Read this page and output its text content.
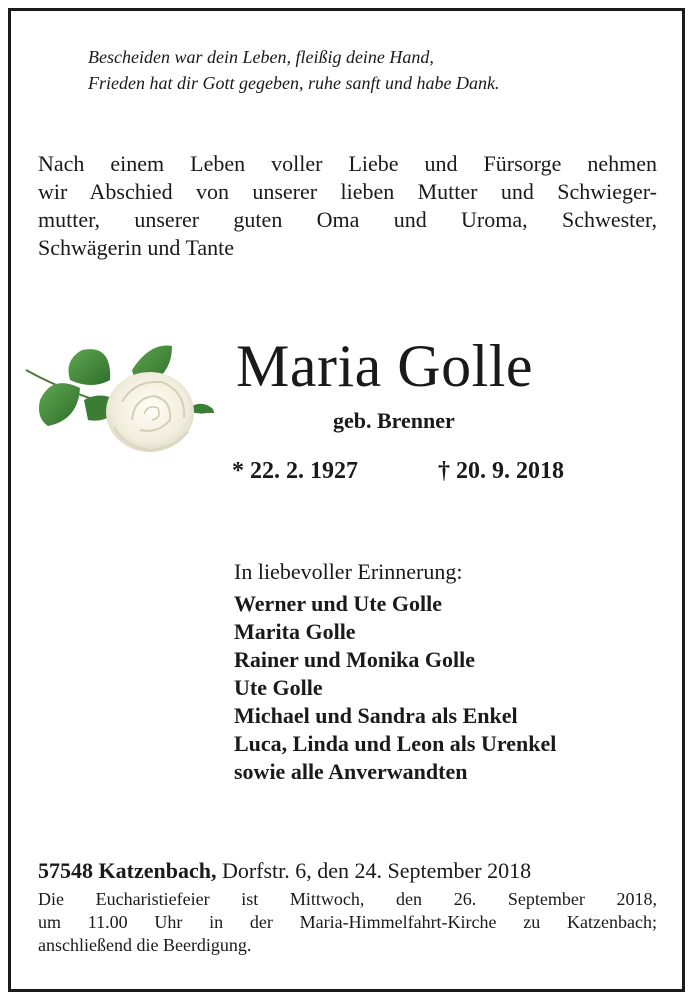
Bescheiden war dein Leben, fleißig deine Hand,
Frieden hat dir Gott gegeben, ruhe sanft und habe Dank.
Nach einem Leben voller Liebe und Fürsorge nehmen
wir Abschied von unserer lieben Mutter und Schwieger-
mutter, unserer guten Oma und Uroma, Schwester,
Schwägerin und Tante
Maria Golle
geb. Brenner
* 22. 2. 1927	† 20. 9. 2018
In liebevoller Erinnerung:
Werner und Ute Golle
Marita Golle
Rainer und Monika Golle
Ute Golle
Michael und Sandra als Enkel
Luca, Linda und Leon als Urenkel
sowie alle Anverwandten
57548 Katzenbach, Dorfstr. 6, den 24. September 2018
Die Eucharistiefeier ist Mittwoch, den 26. September 2018,
um 11.00 Uhr in der Maria-Himmelfahrt-Kirche zu Katzenbach;
anschließend die Beerdigung.
